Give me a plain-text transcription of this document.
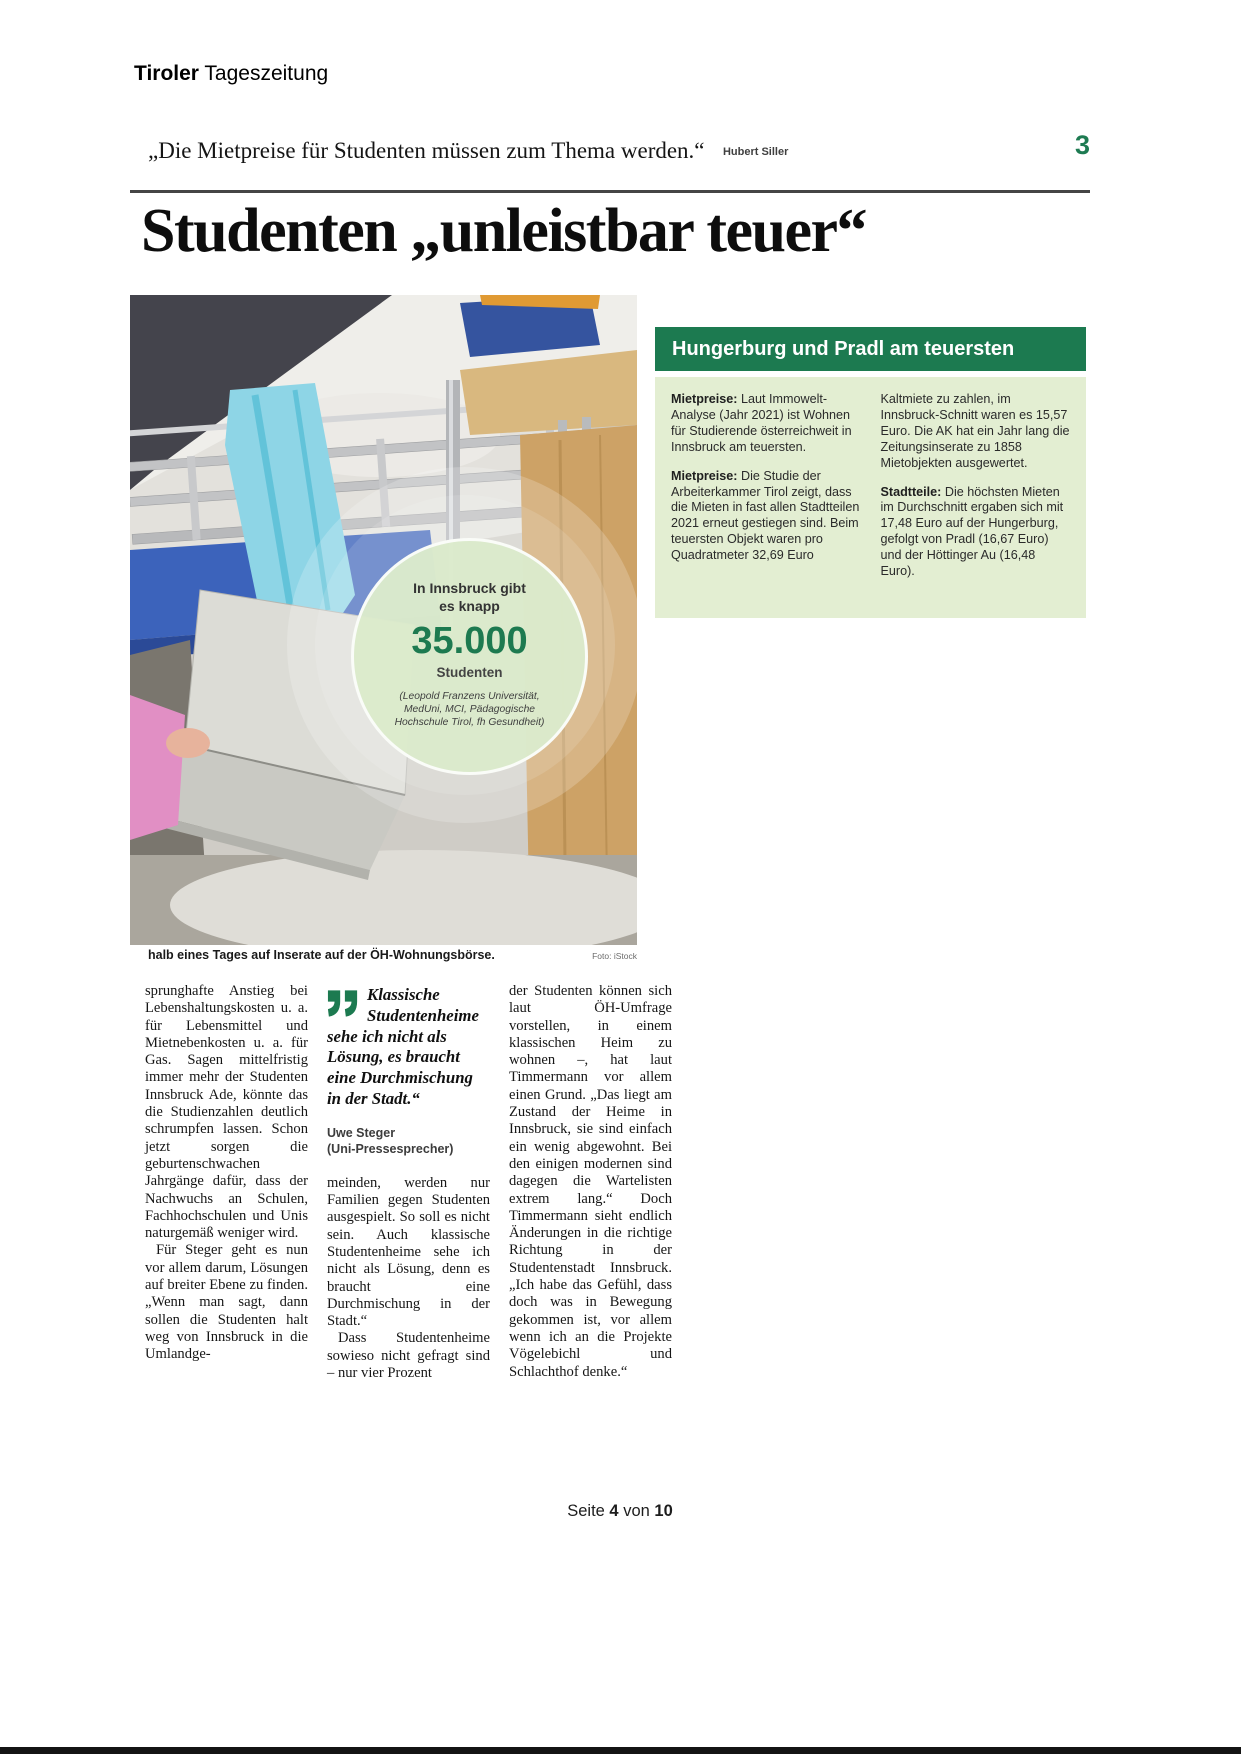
Tiroler Tageszeitung
„Die Mietpreise für Studenten müssen zum Thema werden.“ Hubert Siller	3
Studenten „unleistbar teuer“
In Innsbruck gibt
es knapp
35.000
Studenten
(Leopold Franzens Universität, MedUni, MCI, Pädagogische Hochschule Tirol, fh Gesundheit)
halb eines Tages auf Inserate auf der ÖH-Wohnungsbörse.	Foto: iStock
Hungerburg und Pradl am teuersten

Mietpreise: Laut Immowelt-Analyse (Jahr 2021) ist Wohnen für Studierende österreichweit in Innsbruck am teuersten.

Mietpreise: Die Studie der Arbeiterkammer Tirol zeigt, dass die Mieten in fast allen Stadtteilen 2021 erneut gestiegen sind. Beim teuersten Objekt waren pro Quadratmeter 32,69 Euro

Kaltmiete zu zahlen, im Innsbruck-Schnitt waren es 15,57 Euro. Die AK hat ein Jahr lang die Zeitungsinserate zu 1858 Mietobjekten ausgewertet.

Stadtteile: Die höchsten Mieten im Durchschnitt ergaben sich mit 17,48 Euro auf der Hungerburg, gefolgt von Pradl (16,67 Euro) und der Höttinger Au (16,48 Euro).

sprunghafte Anstieg bei Lebenshaltungskosten u. a. für Lebensmittel und Mietnebenkosten u. a. für Gas. Sagen mittelfristig immer mehr der Studenten Innsbruck Ade, könnte das die Studienzahlen deutlich schrumpfen lassen. Schon jetzt sorgen die geburtenschwachen Jahrgänge dafür, dass der Nachwuchs an Schulen, Fachhochschulen und Unis naturgemäß weniger wird.

Für Steger geht es nun vor allem darum, Lösungen auf breiter Ebene zu finden. „Wenn man sagt, dann sollen die Studenten halt weg von Innsbruck in die Umlandge-

Klassische Studentenheime sehe ich nicht als Lösung, es braucht eine Durchmischung in der Stadt.“
Uwe Steger
(Uni-Pressesprecher)

meinden, werden nur Familien gegen Studenten ausgespielt. So soll es nicht sein. Auch klassische Studentenheime sehe ich nicht als Lösung, denn es braucht eine Durchmischung in der Stadt.“

Dass Studentenheime sowieso nicht gefragt sind – nur vier Prozent

der Studenten können sich laut ÖH-Umfrage vorstellen, in einem klassischen Heim zu wohnen –, hat laut Timmermann vor allem einen Grund. „Das liegt am Zustand der Heime in Innsbruck, sie sind einfach ein wenig abgewohnt. Bei den einigen modernen sind dagegen die Wartelisten extrem lang.“ Doch Timmermann sieht endlich Änderungen in die richtige Richtung in der Studentenstadt Innsbruck. „Ich habe das Gefühl, dass doch was in Bewegung gekommen ist, vor allem wenn ich an die Projekte Vögelebichl und Schlachthof denke.“

Seite 4 von 10
